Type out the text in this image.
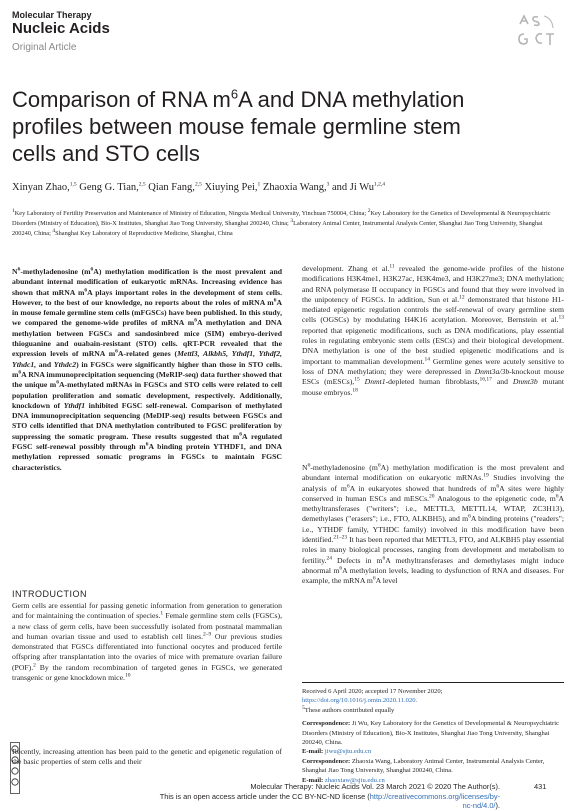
Molecular Therapy
Nucleic Acids
Original Article
Comparison of RNA $m^6A$ and DNA methylation profiles between mouse female germline stem cells and STO cells
Xinyan Zhao,$^{1,5}$ Geng G. Tian,$^{2,5}$ Qian Fang,$^{2,5}$ Xiuying Pei,$^1$ Zhaoxia Wang,$^3$ and Ji Wu$^{1,2,4}$
$^1$Key Laboratory of Fertility Preservation and Maintenance of Ministry of Education, Ningxia Medical University, Yinchuan 750004, China; $^2$Key Laboratory for the Genetics of Developmental & Neuropsychiatric Disorders (Ministry of Education), Bio-X Institutes, Shanghai Jiao Tong University, Shanghai 200240, China; $^3$Laboratory Animal Center, Instrumental Analysis Center, Shanghai Jiao Tong University, Shanghai 200240, China; $^4$Shanghai Key Laboratory of Reproductive Medicine, Shanghai, China
$N^6$-methyladenosine $(m^6A)$ methylation modification is the most prevalent and abundant internal modification of eukaryotic mRNAs. Increasing evidence has shown that mRNA $m^6A$ plays important roles in the development of stem cells. However, to the best of our knowledge, no reports about the roles of mRNA $m^6A$ in mouse female germline stem cells (mFGSCs) have been published. In this study, we compared the genome-wide profiles of mRNA $m^6A$ methylation and DNA methylation between FGSCs and sandosinbred mice (SIM) embryo-derived thioguanine and ouabain-resistant (STO) cells. qRT-PCR revealed that the expression levels of mRNA $m^6A$-related genes (Mettl3, Alkbh5, Ythdf1, Ythdf2, Ythdc1, and Ythdc2) in FGSCs were significantly higher than those in STO cells. $m^6A$ RNA immunoprecipitation sequencing (MeRIP-seq) data further showed that the unique $m^6A$-methylated mRNAs in FGSCs and STO cells were related to cell population proliferation and somatic development, respectively. Additionally, knockdown of Ythdf1 inhibited FGSC self-renewal. Comparison of methylated DNA immunoprecipitation sequencing (MeDIP-seq) results between FGSCs and STO cells identified that DNA methylation contributed to FGSC proliferation by suppressing the somatic program. These results suggested that $m^6A$ regulated FGSC self-renewal possibly through $m^6A$ binding protein YTHDF1, and DNA methylation repressed somatic programs in FGSCs to maintain FGSC characteristics.
INTRODUCTION
Germ cells are essential for passing genetic information from generation to generation and for maintaining the continuation of species.$^1$ Female germline stem cells (FGSCs), a new class of germ cells, have been successfully isolated from postnatal mammalian and human ovarian tissue and used to establish cell lines.$^{2-9}$ Our previous studies demonstrated that FGSCs differentiated into functional oocytes and produced fertile offspring after transplantation into the ovaries of mice with premature ovarian failure (POF).$^2$ By the random recombination of targeted genes in FGSCs, we generated transgenic or gene knockdown mice.$^{10}$
Recently, increasing attention has been paid to the genetic and epigenetic regulation of the basic properties of stem cells and their
development. Zhang et al.$^{11}$ revealed the genome-wide profiles of the histone modifications H3K4me1, H3K27ac, H3K4me3, and H3K27me3; DNA methylation; and RNA polymerase II occupancy in FGSCs and found that they were involved in the unipotency of FGSCs. In addition, Sun et al.$^{12}$ demonstrated that histone H1-mediated epigenetic regulation controls the self-renewal of ovary germline stem cells (OGSCs) by modulating H4K16 acetylation. Moreover, Bernstein et al.$^{13}$ reported that epigenetic modifications, such as DNA modifications, play essential roles in regulating embryonic stem cells (ESCs) and their biological development. DNA methylation is one of the best studied epigenetic modifications and is important to mammalian development.$^{14}$ Germline genes were acutely sensitive to loss of DNA methylation; they were derepressed in Dnmt3a/3b-knockout mouse ESCs (mESCs),$^{15}$ Dnmt1-depleted human fibroblasts,$^{16,17}$ and Dnmt3b mutant mouse embryos.$^{18}$
$N^6$-methyladenosine $(m^6A)$ methylation modification is the most prevalent and abundant internal modification on eukaryotic mRNAs.$^{19}$ Studies involving the analysis of $m^6A$ in eukaryotes showed that hundreds of $m^6A$ sites were highly conserved in human ESCs and mESCs.$^{20}$ Analogous to the epigenetic code, $m^6A$ methyltransferases ("writers"; i.e., METTL3, METTL14, WTAP, ZC3H13), demethylases ("erasers"; i.e., FTO, ALKBH5), and $m^6A$ binding proteins ("readers"; i.e., YTHDF family, YTHDC family) involved in this modification have been identified.$^{21-23}$ It has been reported that METTL3, FTO, and ALKBH5 play essential roles in many biological processes, ranging from development and metabolism to fertility.$^{24}$ Defects in $m^6A$ methyltransferases and demethylases might induce abnormal $m^6A$ methylation levels, leading to dysfunction of RNA and diseases. For example, the mRNA $m^6A$ level

Received 6 April 2020; accepted 17 November 2020;

https://doi.org/10.1016/j.omtn.2020.11.020.

$^5$These authors contributed equally

Correspondence: Ji Wu, Key Laboratory for the Genetics of Developmental & Neuropsychiatric Disorders (Ministry of Education), Bio-X Institutes, Shanghai Jiao Tong University, Shanghai 200240, China.

E-mail: jiwu@sjtu.edu.cn

Correspondence: Zhaoxia Wang, Laboratory Animal Center, Instrumental Analysis Center, Shanghai Jiao Tong University, Shanghai 200240, China.

E-mail: zhaoxiaw@sjtu.edu.cn

Molecular Therapy: Nucleic Acids Vol. 23 March 2021 © 2020 The Author(s).
This is an open access article under the CC BY-NC-ND license (http://creativecommons.org/licenses/by-nc-nd/4.0/).
431
